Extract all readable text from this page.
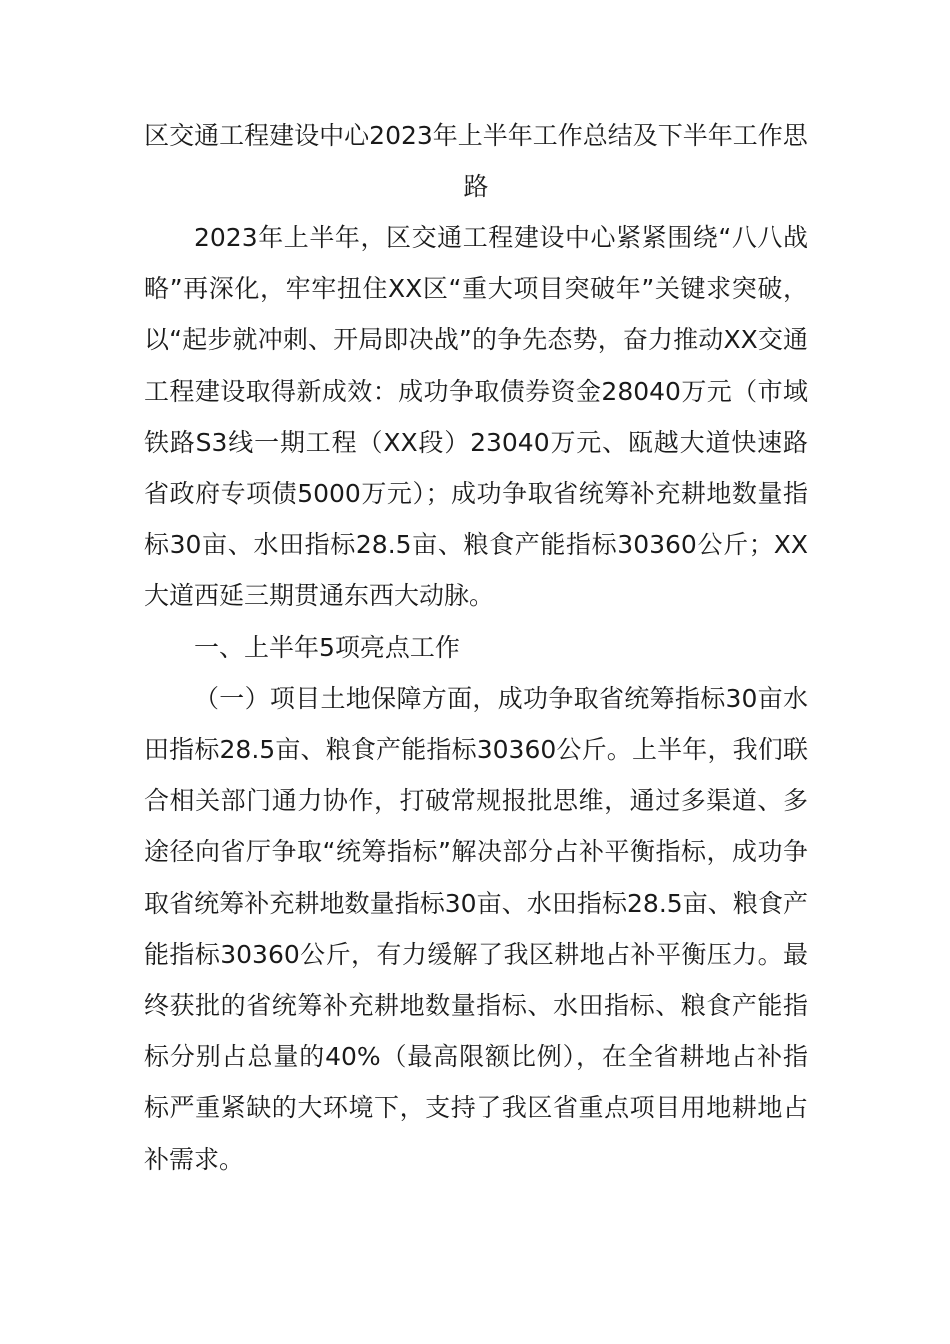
区交通工程建设中心2023年上半年工作总结及下半年工作思路

2023年上半年，区交通工程建设中心紧紧围绕“八八战略”再深化，牢牢扭住XX区“重大项目突破年”关键求突破，以“起步就冲刺、开局即决战”的争先态势，奋力推动XX交通工程建设取得新成效：成功争取债券资金28040万元（市域铁路S3线一期工程（XX段）23040万元、瓯越大道快速路省政府专项债5000万元）；成功争取省统筹补充耕地数量指标30亩、水田指标28.5亩、粮食产能指标30360公斤；XX大道西延三期贯通东西大动脉。

一、上半年5项亮点工作

（一）项目土地保障方面，成功争取省统筹指标30亩水田指标28.5亩、粮食产能指标30360公斤。上半年，我们联合相关部门通力协作，打破常规报批思维，通过多渠道、多途径向省厅争取“统筹指标”解决部分占补平衡指标，成功争取省统筹补充耕地数量指标30亩、水田指标28.5亩、粮食产能指标30360公斤，有力缓解了我区耕地占补平衡压力。最终获批的省统筹补充耕地数量指标、水田指标、粮食产能指标分别占总量的40%（最高限额比例），在全省耕地占补指标严重紧缺的大环境下，支持了我区省重点项目用地耕地占补需求。
